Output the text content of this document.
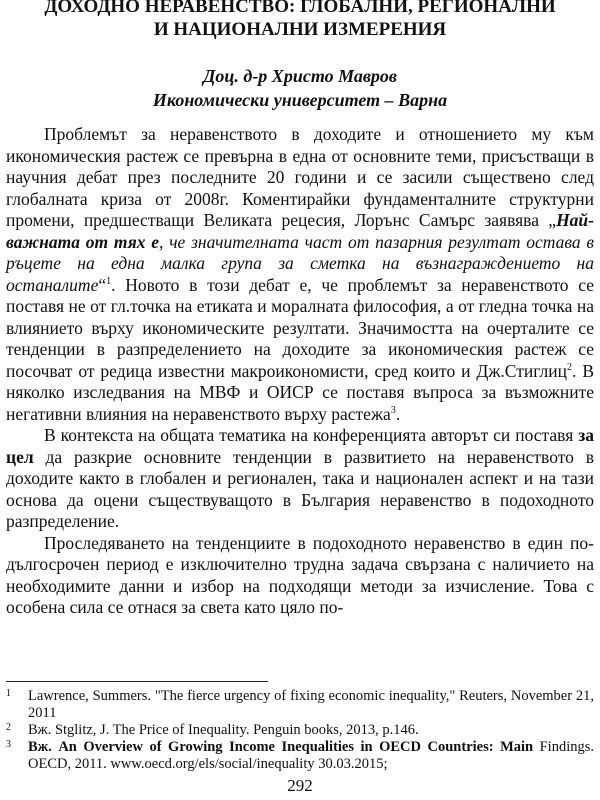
ДОХОДНО НЕРАВЕНСТВО: ГЛОБАЛНИ, РЕГИОНАЛНИ
И НАЦИОНАЛНИ ИЗМЕРЕНИЯ
Доц. д-р Христо Мавров
Икономически университет – Варна

Проблемът за неравенството в доходите и отношението му към икономическия растеж се превърна в една от основните теми, присъстващи в научния дебат през последните 20 години и се засили съществено след глобалната криза от 2008г. Коментирайки фундаменталните структурни промени, предшестващи Великата рецесия, Лорънс Самърс заявява „Най-важната от тях е, че значителната част от пазарния резултат остава в ръцете на една малка група за сметка на възнаграждението на останалите“$^1$. Новото в този дебат е, че проблемът за неравенството се поставя не от гл.точка на етиката и моралната философия, а от гледна точка на влиянието върху икономическите резултати. Значимостта на очерталите се тенденции в разпределението на доходите за икономическия растеж се посочват от редица известни макроикономисти, сред които и Дж.Стиглиц$^2$. В няколко изследвания на МВФ и ОИСР се поставя въпроса за възможните негативни влияния на неравенството върху растежа$^3$.

В контекста на общата тематика на конференцията авторът си поставя за цел да разкрие основните тенденции в развитието на неравенството в доходите както в глобален и регионален, така и национален аспект и на тази основа да оцени съществуващото в България неравенство в подоходното разпределение.

Проследяването на тенденциите в подоходното неравенство в един по-дългосрочен период е изключително трудна задача свързана с наличието на необходимите данни и избор на подходящи методи за изчисление. Това с особена сила се отнася за света като цяло по-

1 Lawrence, Summers. "The fierce urgency of fixing economic inequality," Reuters, November 21, 2011
2 Вж. Stglitz, J. The Price of Inequality. Penguin books, 2013, p.146.
3 Вж. An Overview of Growing Income Inequalities in OECD Countries: Main Findings. OECD, 2011. www.oecd.org/els/social/inequality 30.03.2015;
292
